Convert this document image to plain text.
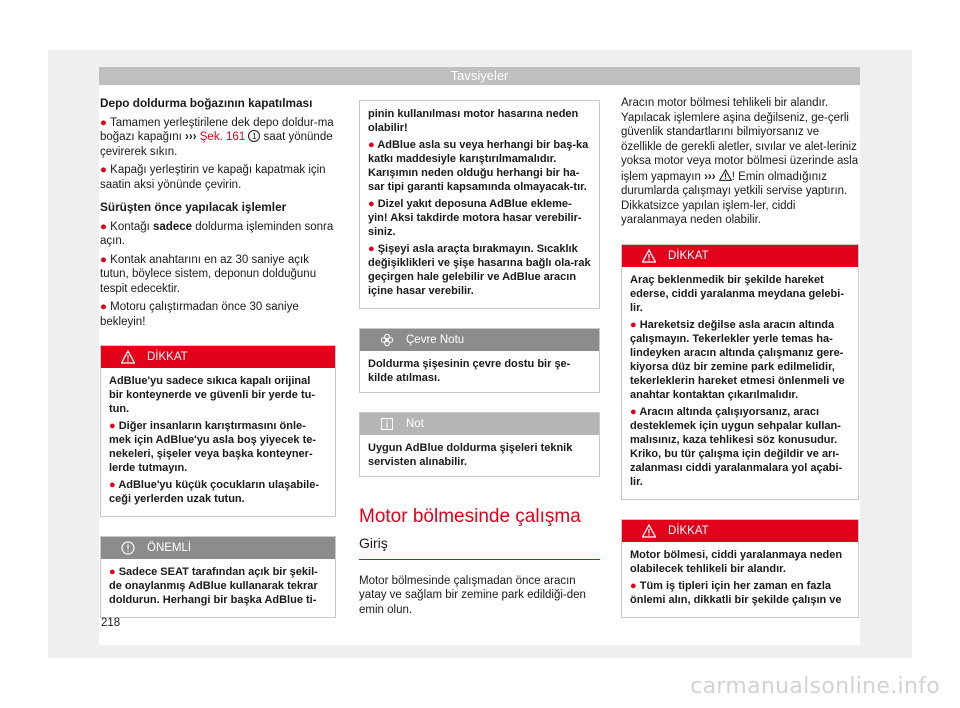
Tavsiyeler
Depo doldurma boğazının kapatılması
● Tamamen yerleştirilene dek depo doldur-ma boğazı kapağını ››› Şek. 161 1 saat yönünde çevirerek sıkın.
● Kapağı yerleştirin ve kapağı kapatmak için saatin aksi yönünde çevirin.
Sürüşten önce yapılacak işlemler
● Kontağı sadece doldurma işleminden sonra açın.
● Kontak anahtarını en az 30 saniye açık tutun, böylece sistem, deponun dolduğunu tespit edecektir.
● Motoru çalıştırmadan önce 30 saniye bekleyin!
DİKKAT
AdBlue'yu sadece sıkıca kapalı orijinal bir konteynerde ve güvenli bir yerde tu-tun.
● Diğer insanların karıştırmasını önle-mek için AdBlue'yu asla boş yiyecek te-nekeleri, şişeler veya başka konteyner-lerde tutmayın.
● AdBlue'yu küçük çocukların ulaşabile-ceği yerlerden uzak tutun.
ÖNEMLİ
● Sadece SEAT tarafından açık bir şekil-de onaylanmış AdBlue kullanarak tekrar doldurun. Herhangi bir başka AdBlue ti-
pinin kullanılması motor hasarına neden olabilir!
● AdBlue asla su veya herhangi bir baş-ka katkı maddesiyle karıştırılmamalıdır. Karışımın neden olduğu herhangi bir ha-sar tipi garanti kapsamında olmayacak-tır.
● Dizel yakıt deposuna AdBlue ekleme-yin! Aksi takdirde motora hasar verebilir-siniz.
● Şişeyi asla araçta bırakmayın. Sıcaklık değişiklikleri ve şişe hasarına bağlı ola-rak geçirgen hale gelebilir ve AdBlue aracın içine hasar verebilir.
Çevre Notu
Doldurma şişesinin çevre dostu bir şe-kilde atılması.
Not
Uygun AdBlue doldurma şişeleri teknik servisten alınabilir.
Motor bölmesinde çalışma
Giriş

Motor bölmesinde çalışmadan önce aracın yatay ve sağlam bir zemine park edildiği-den emin olun.

Aracın motor bölmesi tehlikeli bir alandır. Yapılacak işlemlere aşina değilseniz, ge-çerli güvenlik standartlarını bilmiyorsanız ve özellikle de gerekli aletler, sıvılar ve alet-leriniz yoksa motor veya motor bölmesi üzerinde asla işlem yapmayın ››› ! Emin olmadığınız durumlarda çalışmayı yetkili servise yaptırın. Dikkatsizce yapılan işlem-ler, ciddi yaralanmaya neden olabilir.

DİKKAT
Araç beklenmedik bir şekilde hareket ederse, ciddi yaralanma meydana gelebi-lir.
● Hareketsiz değilse asla aracın altında çalışmayın. Tekerlekler yerle temas ha-lindeyken aracın altında çalışmanız gere-kiyorsa düz bir zemine park edilmelidir, tekerleklerin hareket etmesi önlenmeli ve anahtar kontaktan çıkarılmalıdır.
● Aracın altında çalışıyorsanız, aracı desteklemek için uygun sehpalar kullan-malısınız, kaza tehlikesi söz konusudur. Kriko, bu tür çalışma için değildir ve arı-zalanması ciddi yaralanmalara yol açabi-lir.
DİKKAT
Motor bölmesi, ciddi yaralanmaya neden olabilecek tehlikeli bir alandır.
● Tüm iş tipleri için her zaman en fazla önlemi alın, dikkatli bir şekilde çalışın ve
218
carmanualsonline.info
